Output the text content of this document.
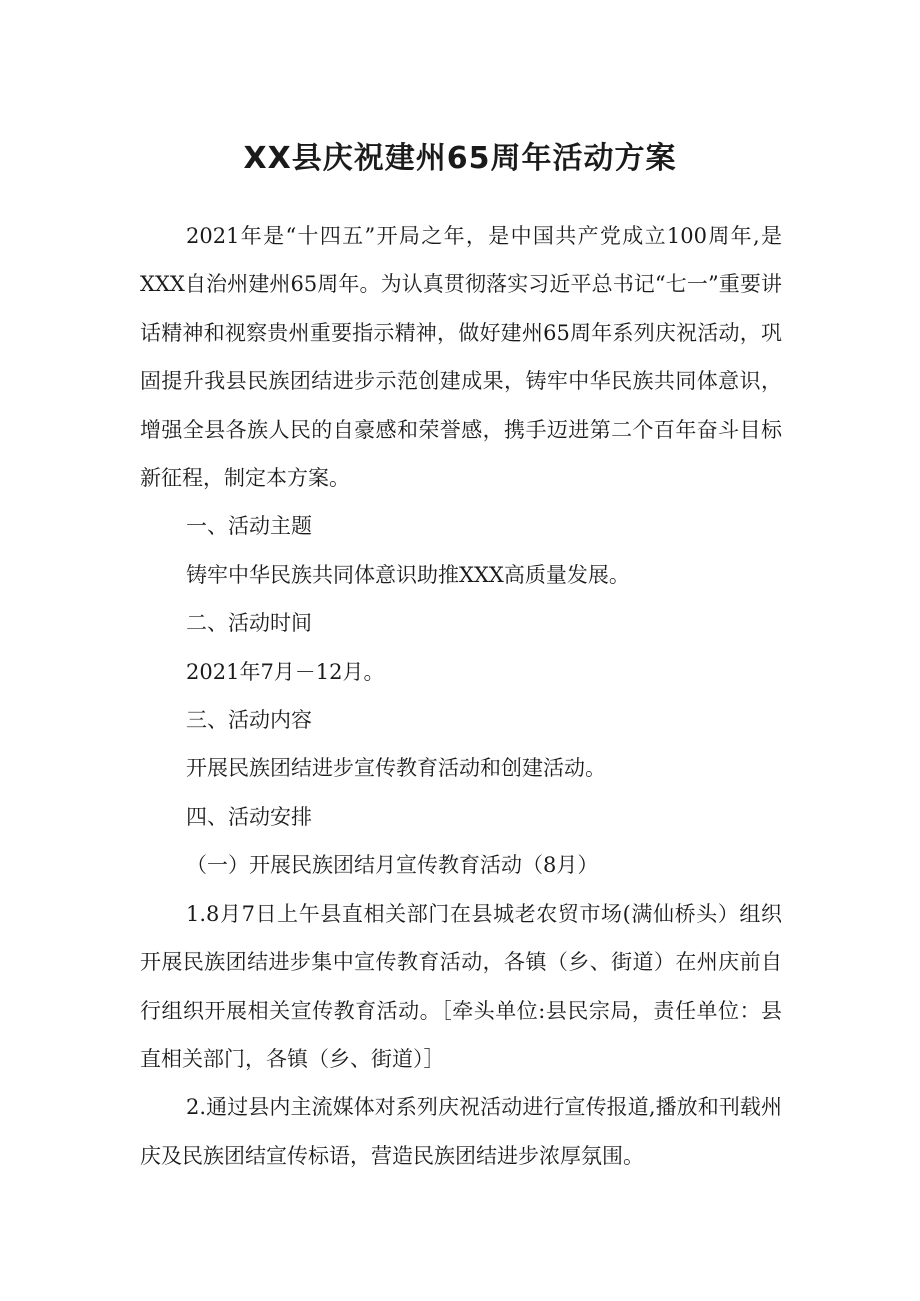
XX县庆祝建州65周年活动方案

2021年是“十四五”开局之年，是中国共产党成立100周年,是XXX自治州建州65周年。为认真贯彻落实习近平总书记“七一”重要讲话精神和视察贵州重要指示精神，做好建州65周年系列庆祝活动，巩固提升我县民族团结进步示范创建成果，铸牢中华民族共同体意识，增强全县各族人民的自豪感和荣誉感，携手迈进第二个百年奋斗目标新征程，制定本方案。

一、活动主题

铸牢中华民族共同体意识助推XXX高质量发展。

二、活动时间

2021年7月－12月。

三、活动内容

开展民族团结进步宣传教育活动和创建活动。

四、活动安排

（一）开展民族团结月宣传教育活动（8月）

1.8月7日上午县直相关部门在县城老农贸市场(满仙桥头）组织开展民族团结进步集中宣传教育活动，各镇（乡、街道）在州庆前自行组织开展相关宣传教育活动。［牵头单位:县民宗局，责任单位：县直相关部门，各镇（乡、街道）］

2.通过县内主流媒体对系列庆祝活动进行宣传报道,播放和刊载州庆及民族团结宣传标语，营造民族团结进步浓厚氛围。
